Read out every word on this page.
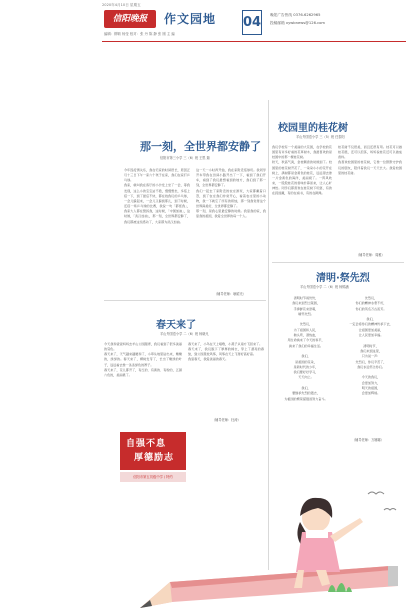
2020年4月10日 星期五
信阳晚报	作文园地
编辑：柳莉 杨莹 校对：张 丹 陈 静 张 刚 主 编
04 晚报广告热线 0376-6262965
投稿邮箱 xywbnews@126.com
那一刻，全世界都安静了
信阳市第三小学 三（6）班 王思 瑞
今年因疫情关系，我在宅家的时间很长，原因正月十三日下午一家六个孩子在家，我们在家打乒乓球。
我家，就叫我在客厅的小沙发上坐了一会，等我发现，这么小的宝宝站不稳，慢慢想坐，多搭上搭一下，到了最后不快，都在找我们的乒乓球，一会儿躲起来，一会儿又躲到那儿，到了时候，还搭一场乒乓球的比赛，我说一句「都怪我」，我家大人都在赞扬我，这时候，「中国加油」，这时候，「武汉加油」，那一刻，全世界都安静了，我们都被这些感动了，大家都为武汉加油。
这一天一小时再开始，我在家附近搭球玩。我同学开车带我在田间小路开出了一下，看到了我们开车，看到了我们最想看到的地方，我们到了那一刻，全世界都安静了。
我们一起去了家附近的农庄游玩，大家都戴着口罩，到了农庄我们非常开心，看着农庄里的小动物，我一下就忘了所有的烦恼，那一刻我觉得这个世界真美好，全世界都安静了。
那一刻，是我心里最安静的时候。我爱我的家，我爱我的祖国，我爱全世界的每一个人。
（辅导老师：耿昭光）
校园里的桂花树
羊山外国语小学 三（5）班 任泰阳
我们学校有一个美丽的大花园，在学校的花园里有许多好看的花草树木，我最喜欢的是校园中的那一棵桂花树。
秋天，秋高气爽，金桂飘香的时候到了。校园里的桂花树开花了，一朵朵小小的花开在树上，满树都是金黄色的桂花，远远望去像一片金黄色的海洋，美丽极了。一阵风吹来，一股股桂花的香味扑鼻而来，让人心旷神怡。同学们都喜欢在桂花树下玩耍，有的在捉迷藏，有的在看书，有的在跳绳。
桂花树不仅很美，而且还很有用。桂花可以做桂花糕，还可以泡茶，妈妈说桂花还可以做成香料。
我喜欢校园里的桂花树，它像一位默默守护我们的朋友，陪伴着我们一天天长大。我爱校园里的桂花树。
（辅导老师：周雅）
清明·祭先烈
羊山外国语小学 二（6）班 杨锦涵
清明时节雨纷纷，
我们来到烈士陵园，
手捧鲜花来祭奠，
缅怀先烈。

先烈们，
为了祖国和人民，
抛头颅，洒热血，
用生命换来了今天的和平，
换来了我们的幸福生活。

我们，
是祖国的花朵，
是新时代的少年，
我们要好好学习，
天天向上。

我们，
要继承先烈的遗志，
为祖国的繁荣富强而努力奋斗。
先烈们，
你们的精神永垂不朽，
你们的英名万古流芳。

我们，
一定会将你们的精神传承下去，
让祖国更加美丽，
让人民更加幸福。

清明时节，
我们来到这里，
只为说一声：
先烈们，你们辛苦了，
我们永远怀念你们。

今天的我们，
会更加努力，
明天的祖国，
会更加辉煌。
（辅导老师：万娜娜）
春天来了
羊山外国语小学 二（6）班 杨晓凡
今天我和爸爸妈妈去羊山公园踏青，我们看到了很多美丽的景色。
春天来了，天气越来越暖和了，小草从地里钻出来，嫩嫩的，绿绿的。春天来了，柳树发芽了，长出了嫩绿的叶子，远远看去像一条条绿色的辫子。
春天来了，花儿都开了，有红的、有黄的、有粉的，五颜六色的，美丽极了。
春天来了，小鸟在天上唱歌，小燕子从南方飞回来了。
春天来了，我们脱下了厚厚的棉衣，穿上了漂亮的春装，到公园里放风筝，风筝在天上飞得好高好高。
我爱春天，我爱美丽的春天。
（辅导老师：杜涛）
自强不息
厚德励志
信阳市第五初级中学 / 特约
